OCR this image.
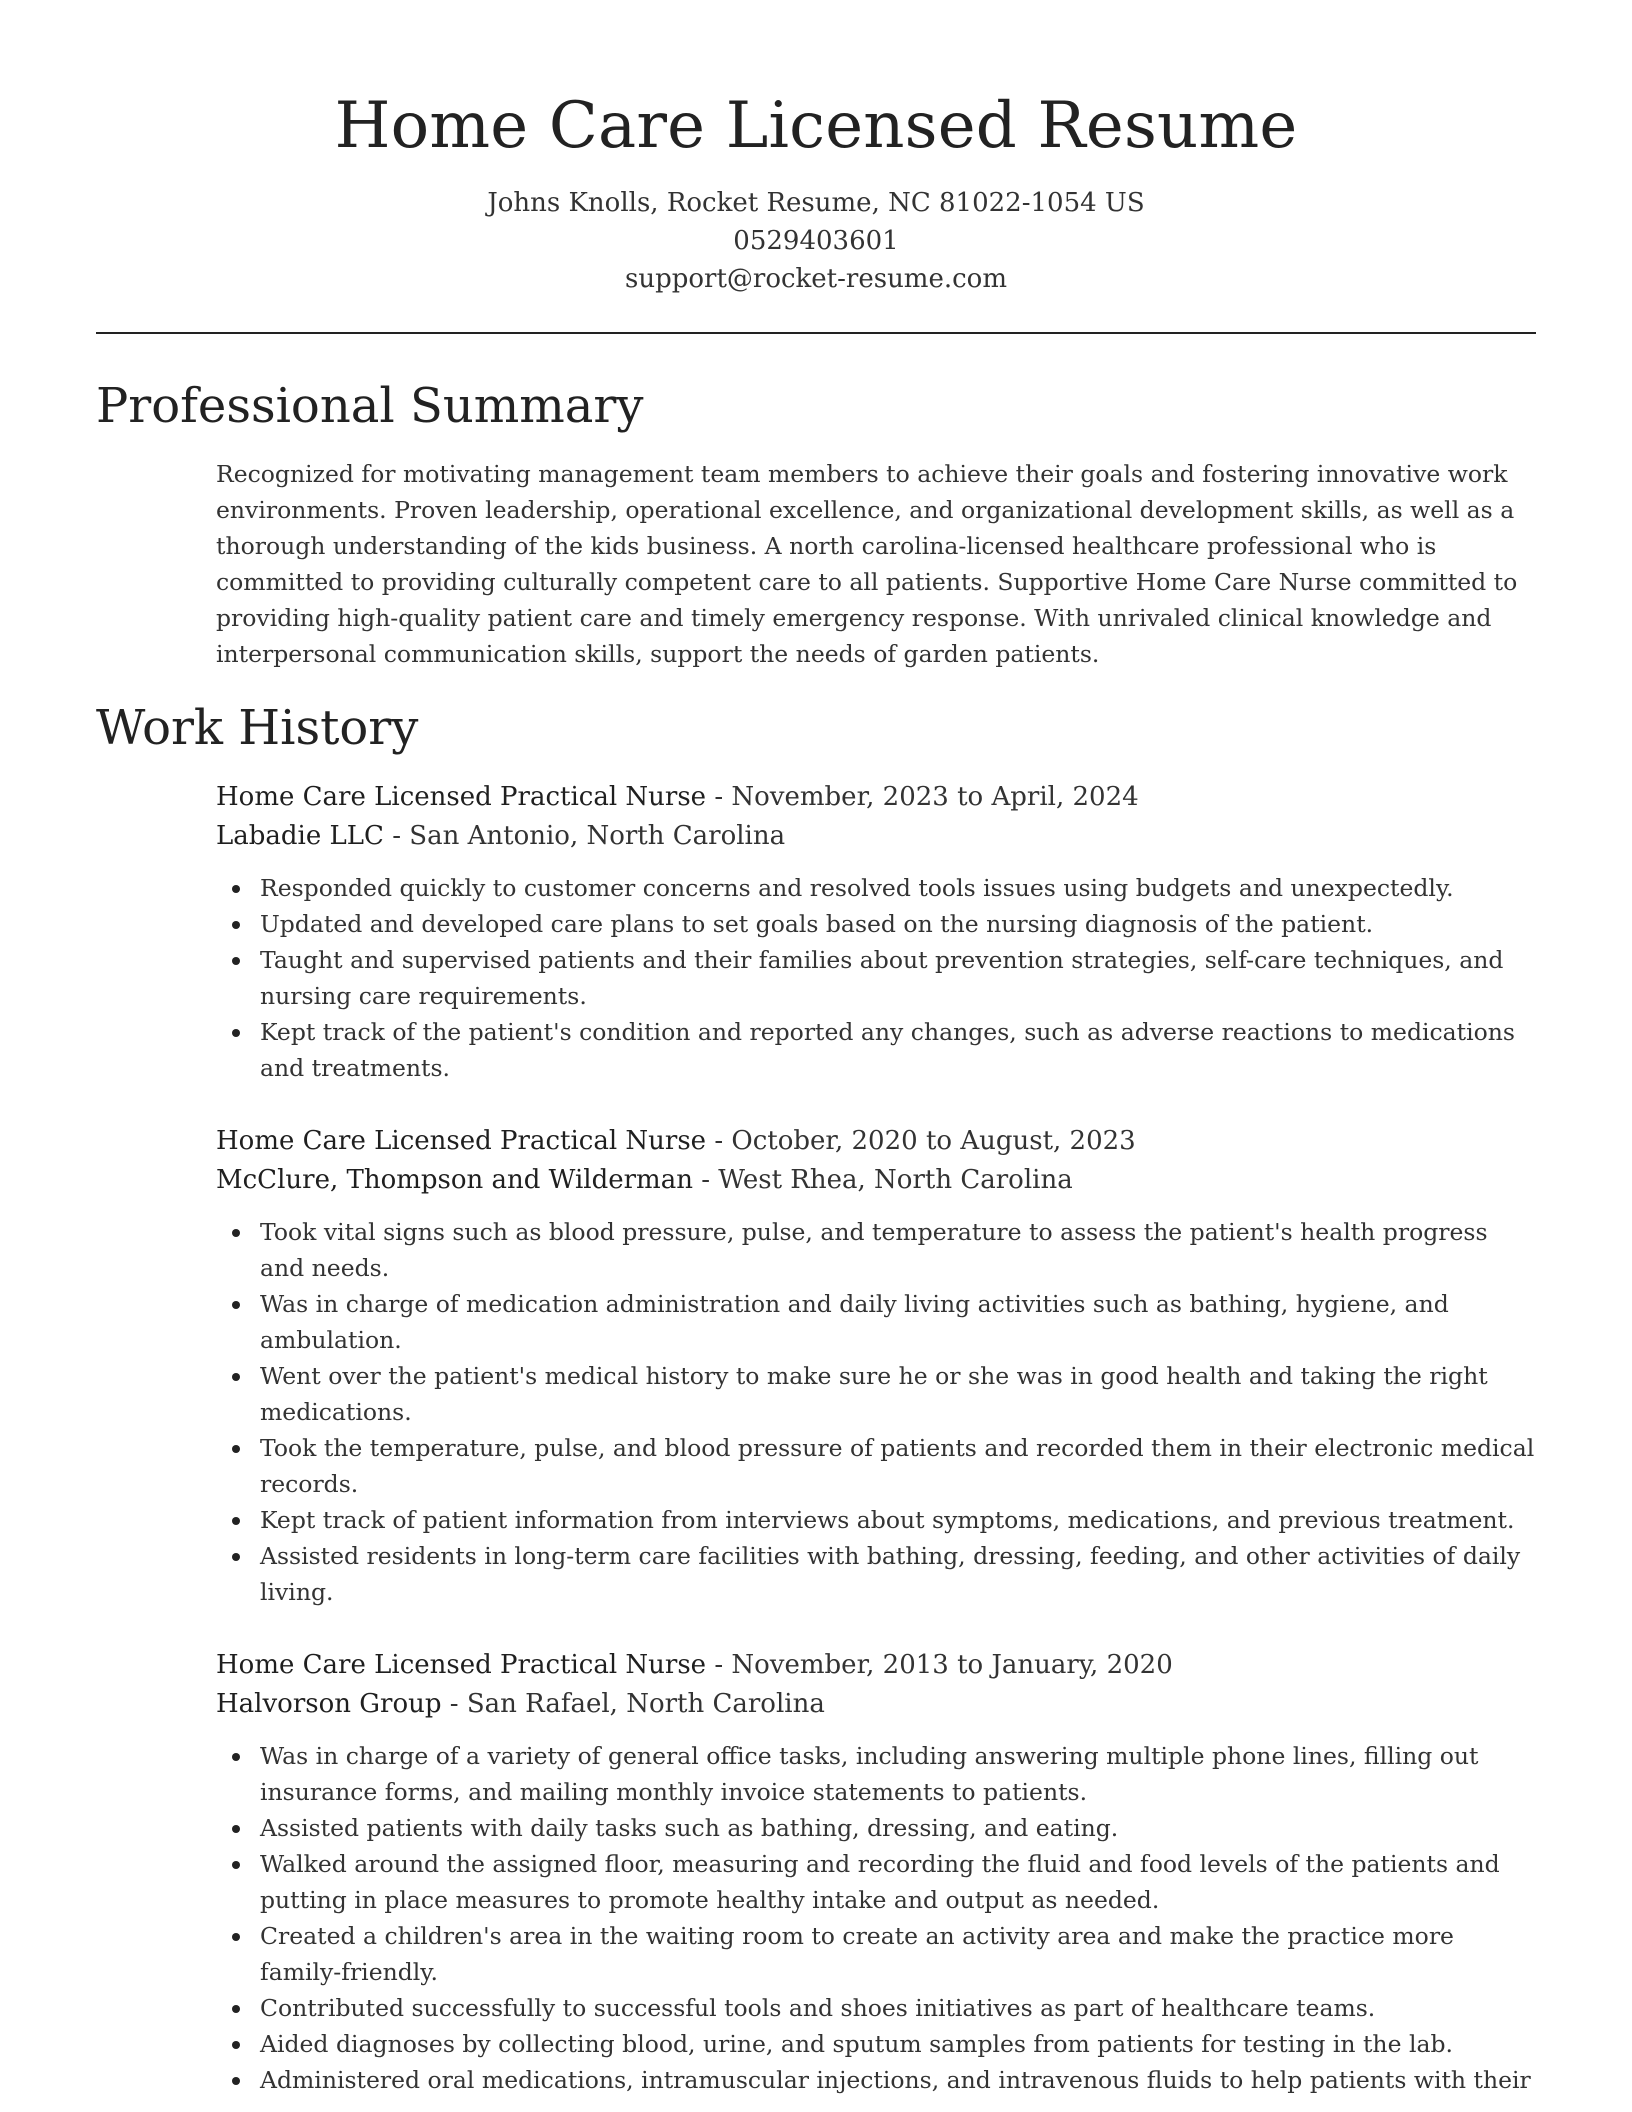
Home Care Licensed Resume
Johns Knolls, Rocket Resume, NC 81022-1054 US
0529403601
support@rocket-resume.com
Professional Summary
Recognized for motivating management team members to achieve their goals and fostering innovative work environments. Proven leadership, operational excellence, and organizational development skills, as well as a thorough understanding of the kids business. A north carolina-licensed healthcare professional who is committed to providing culturally competent care to all patients. Supportive Home Care Nurse committed to providing high-quality patient care and timely emergency response. With unrivaled clinical knowledge and interpersonal communication skills, support the needs of garden patients.
Work History
Home Care Licensed Practical Nurse - November, 2023 to April, 2024
Labadie LLC - San Antonio, North Carolina
Responded quickly to customer concerns and resolved tools issues using budgets and unexpectedly.
Updated and developed care plans to set goals based on the nursing diagnosis of the patient.
Taught and supervised patients and their families about prevention strategies, self-care techniques, and nursing care requirements.
Kept track of the patient's condition and reported any changes, such as adverse reactions to medications and treatments.
Home Care Licensed Practical Nurse - October, 2020 to August, 2023
McClure, Thompson and Wilderman - West Rhea, North Carolina
Took vital signs such as blood pressure, pulse, and temperature to assess the patient's health progress and needs.
Was in charge of medication administration and daily living activities such as bathing, hygiene, and ambulation.
Went over the patient's medical history to make sure he or she was in good health and taking the right medications.
Took the temperature, pulse, and blood pressure of patients and recorded them in their electronic medical records.
Kept track of patient information from interviews about symptoms, medications, and previous treatment.
Assisted residents in long-term care facilities with bathing, dressing, feeding, and other activities of daily living.
Home Care Licensed Practical Nurse - November, 2013 to January, 2020
Halvorson Group - San Rafael, North Carolina
Was in charge of a variety of general office tasks, including answering multiple phone lines, filling out insurance forms, and mailing monthly invoice statements to patients.
Assisted patients with daily tasks such as bathing, dressing, and eating.
Walked around the assigned floor, measuring and recording the fluid and food levels of the patients and putting in place measures to promote healthy intake and output as needed.
Created a children's area in the waiting room to create an activity area and make the practice more family-friendly.
Contributed successfully to successful tools and shoes initiatives as part of healthcare teams.
Aided diagnoses by collecting blood, urine, and sputum samples from patients for testing in the lab.
Administered oral medications, intramuscular injections, and intravenous fluids to help patients with their
